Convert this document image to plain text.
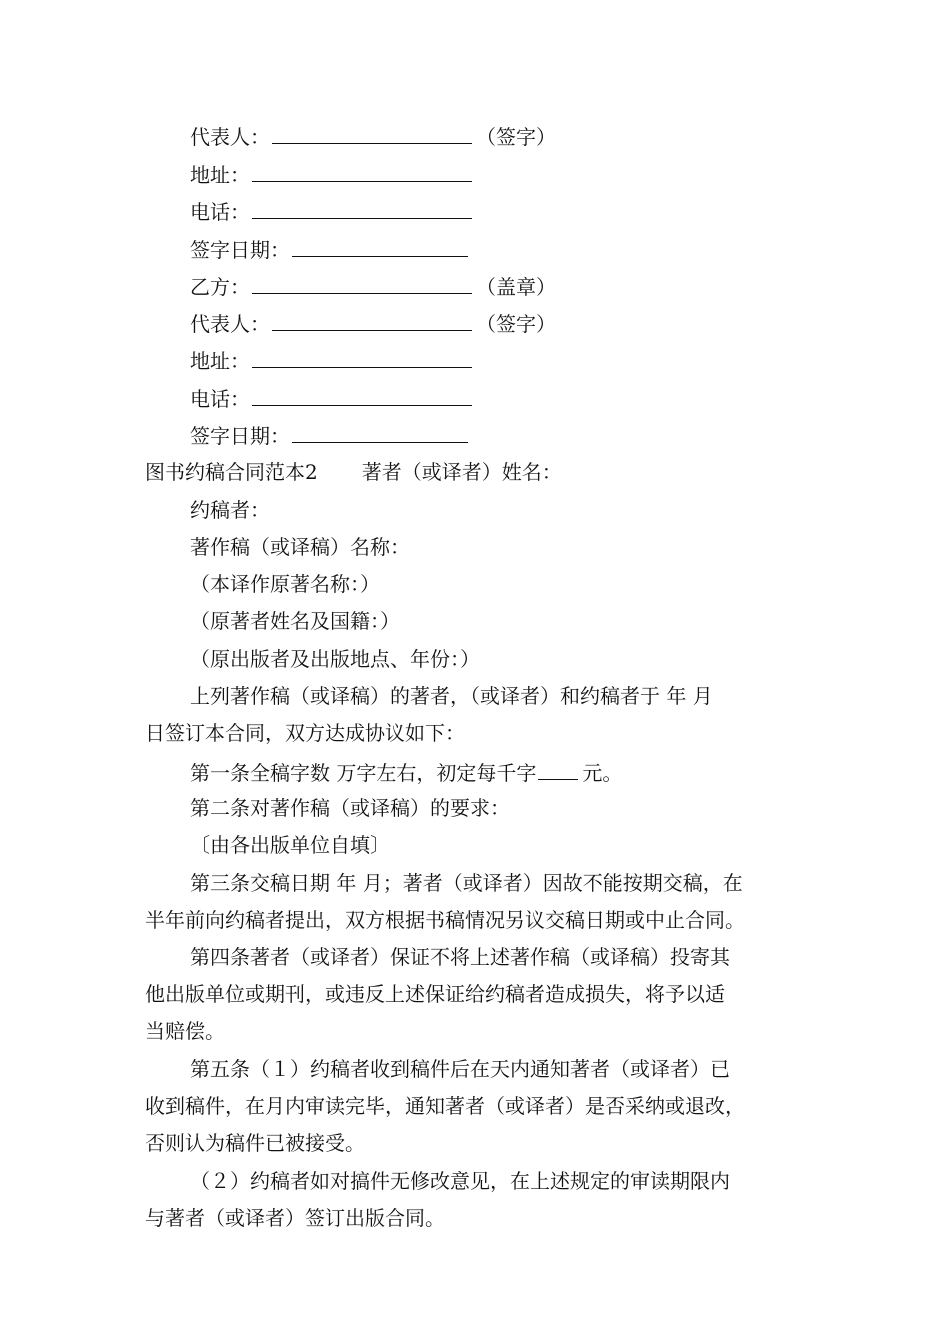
代表人：	（签字）
地址：
电话：
签字日期：
乙方：	（盖章）
代表人：	（签字）
地址：
电话：
签字日期：
图书约稿合同范本2 著者（或译者）姓名：
约稿者：
著作稿（或译稿）名称：
（本译作原著名称：）
（原著者姓名及国籍：）
（原出版者及出版地点、年份：）
上列著作稿（或译稿）的著者，（或译者）和约稿者于 年 月
日签订本合同，双方达成协议如下：
第一条全稿字数 万字左右，初定每千字 元。
第二条对著作稿（或译稿）的要求：
〔由各出版单位自填〕
第三条交稿日期 年 月；著者（或译者）因故不能按期交稿，在
半年前向约稿者提出，双方根据书稿情况另议交稿日期或中止合同。
第四条著者（或译者）保证不将上述著作稿（或译稿）投寄其
他出版单位或期刊，或违反上述保证给约稿者造成损失，将予以适
当赔偿。
第五条（１）约稿者收到稿件后在天内通知著者（或译者）已
收到稿件，在月内审读完毕，通知著者（或译者）是否采纳或退改，
否则认为稿件已被接受。
（２）约稿者如对搞件无修改意见，在上述规定的审读期限内
与著者（或译者）签订出版合同。
